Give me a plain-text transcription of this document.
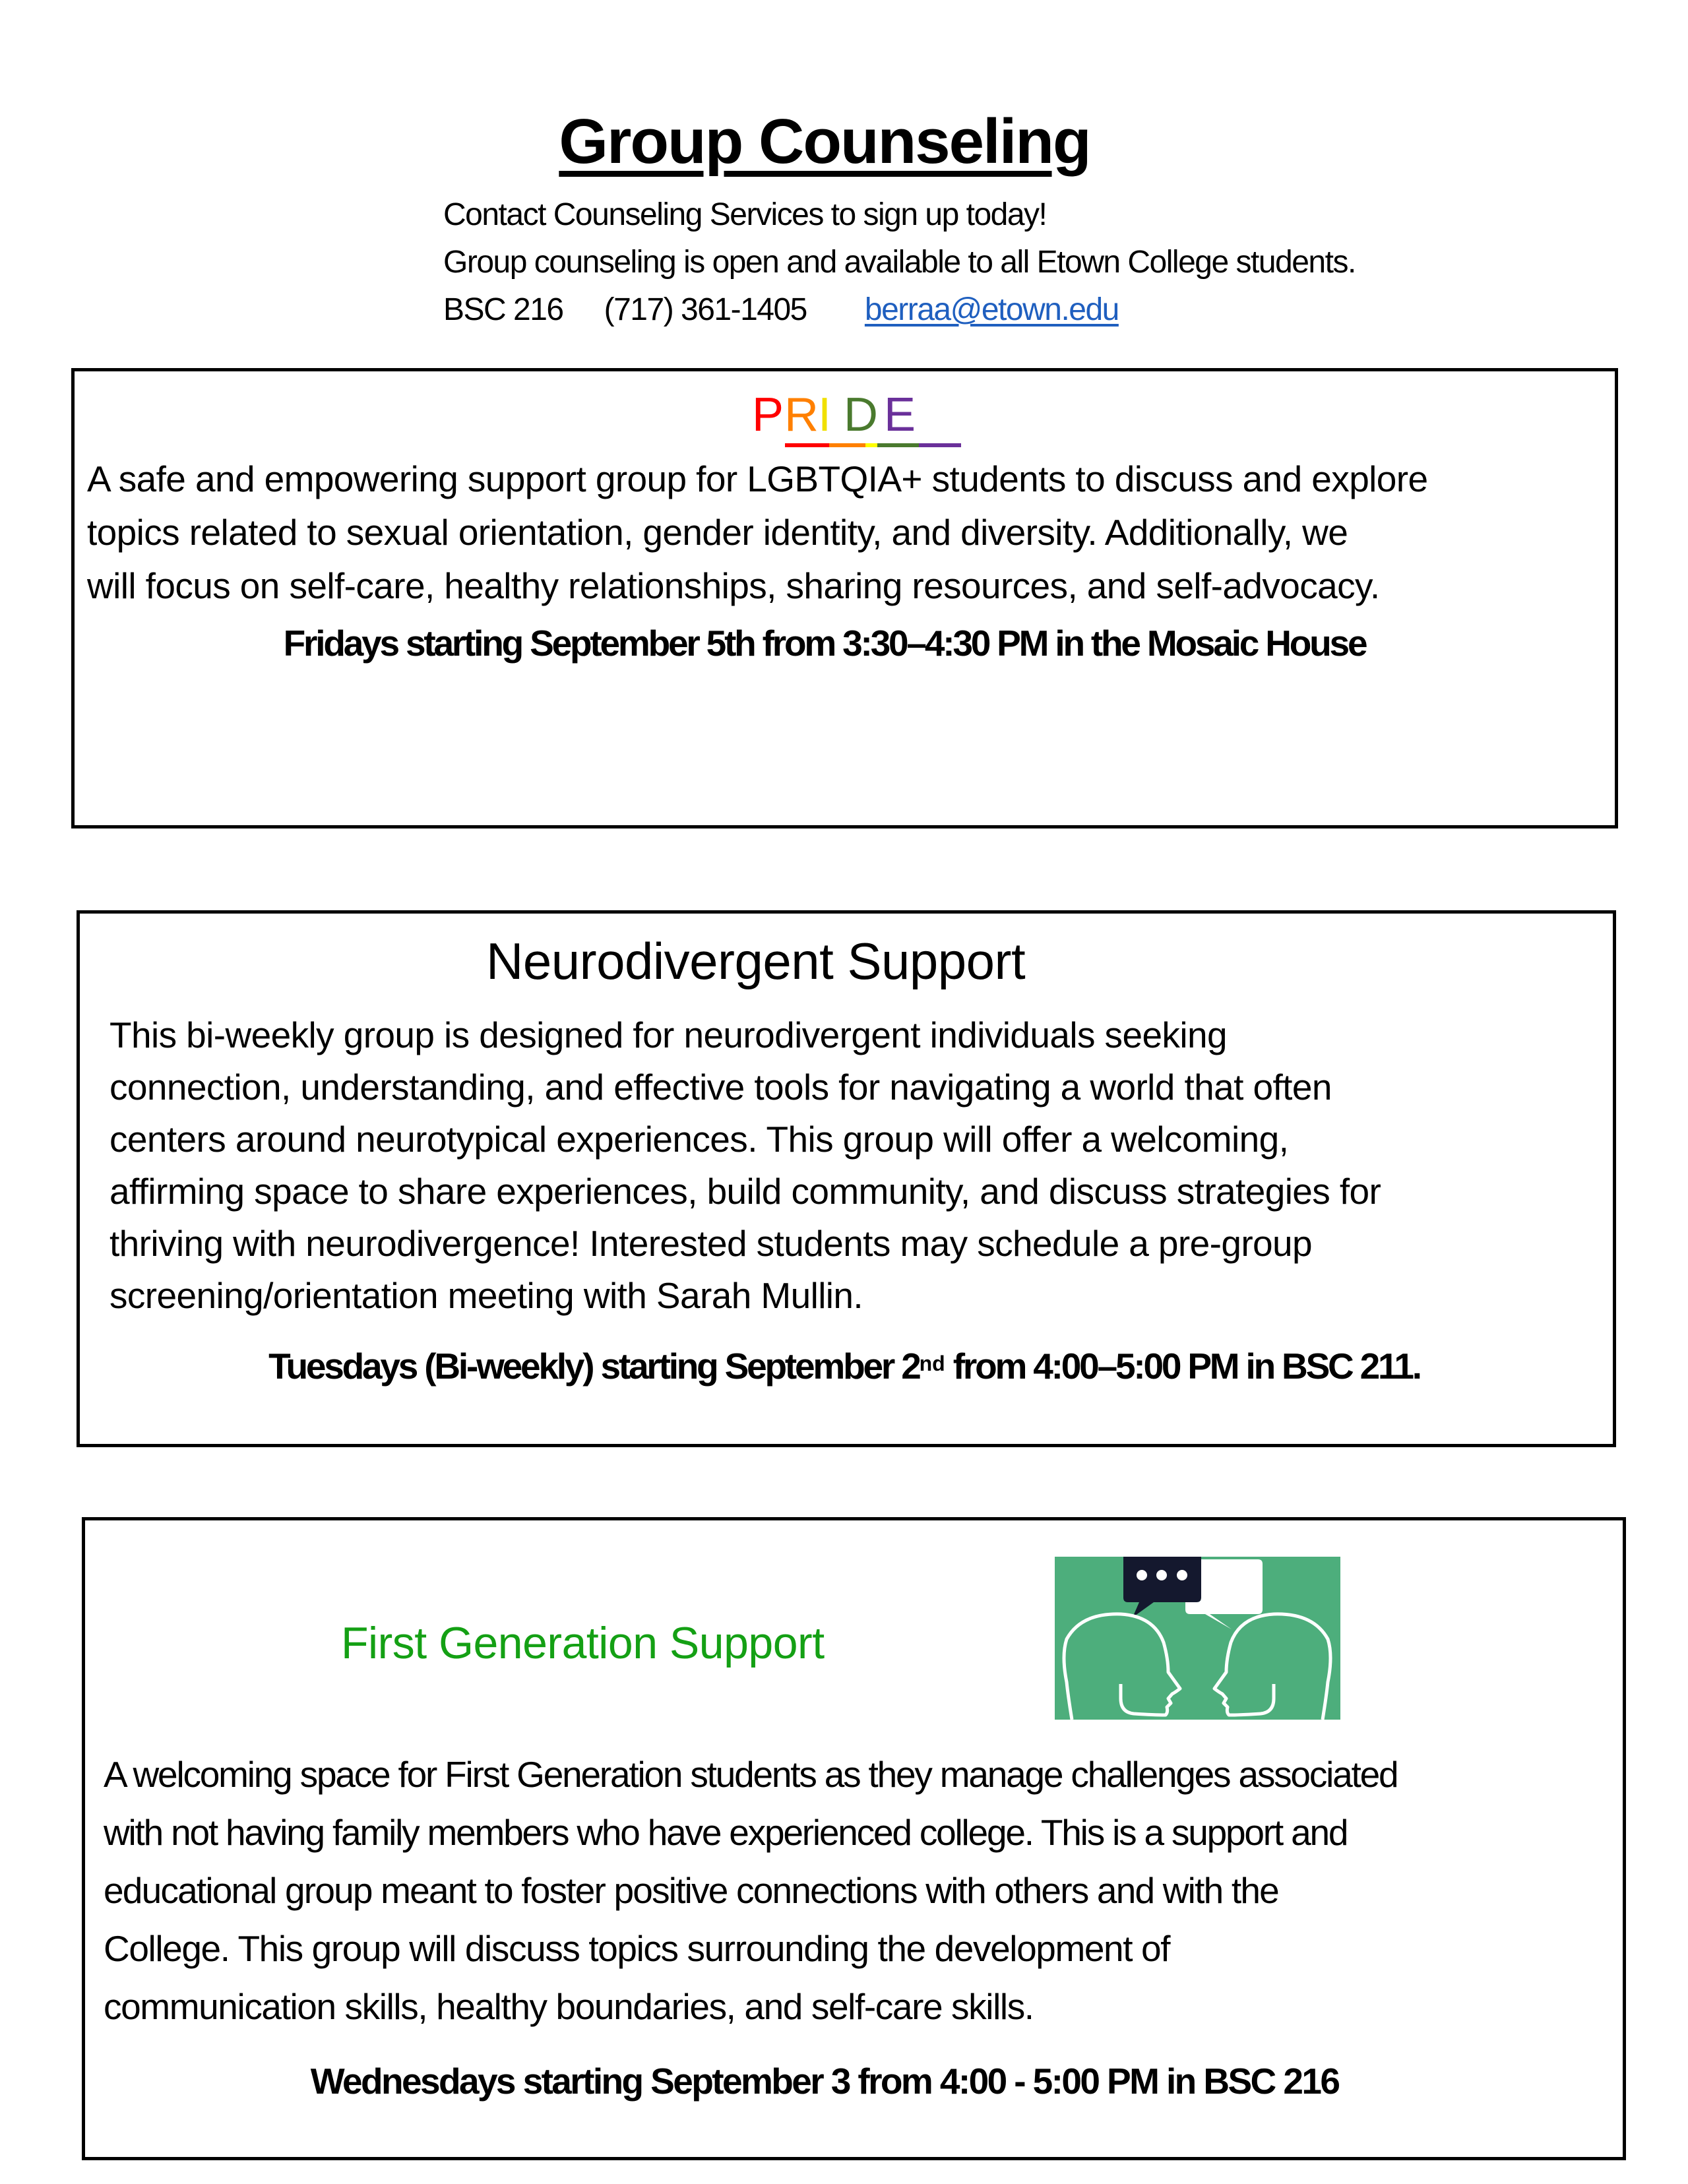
Group Counseling
Contact Counseling Services to sign up today!
Group counseling is open and available to all Etown College students.
BSC 216 (717) 361-1405 berraa@etown.edu
PRI D E
A safe and empowering support group for LGBTQIA+ students to discuss and explore
topics related to sexual orientation, gender identity, and diversity. Additionally, we
will focus on self-care, healthy relationships, sharing resources, and self-advocacy.
Fridays starting September 5th from 3:30–4:30 PM in the Mosaic House
Neurodivergent Support
This bi-weekly group is designed for neurodivergent individuals seeking
connection, understanding, and effective tools for navigating a world that often
centers around neurotypical experiences. This group will offer a welcoming,
affirming space to share experiences, build community, and discuss strategies for
thriving with neurodivergence! Interested students may schedule a pre-group
screening/orientation meeting with Sarah Mullin.
Tuesdays (Bi-weekly) starting September 2nd from 4:00–5:00 PM in BSC 211.
First Generation Support
A welcoming space for First Generation students as they manage challenges associated
with not having family members who have experienced college. This is a support and
educational group meant to foster positive connections with others and with the
College. This group will discuss topics surrounding the development of
communication skills, healthy boundaries, and self-care skills.
Wednesdays starting September 3 from 4:00 - 5:00 PM in BSC 216
